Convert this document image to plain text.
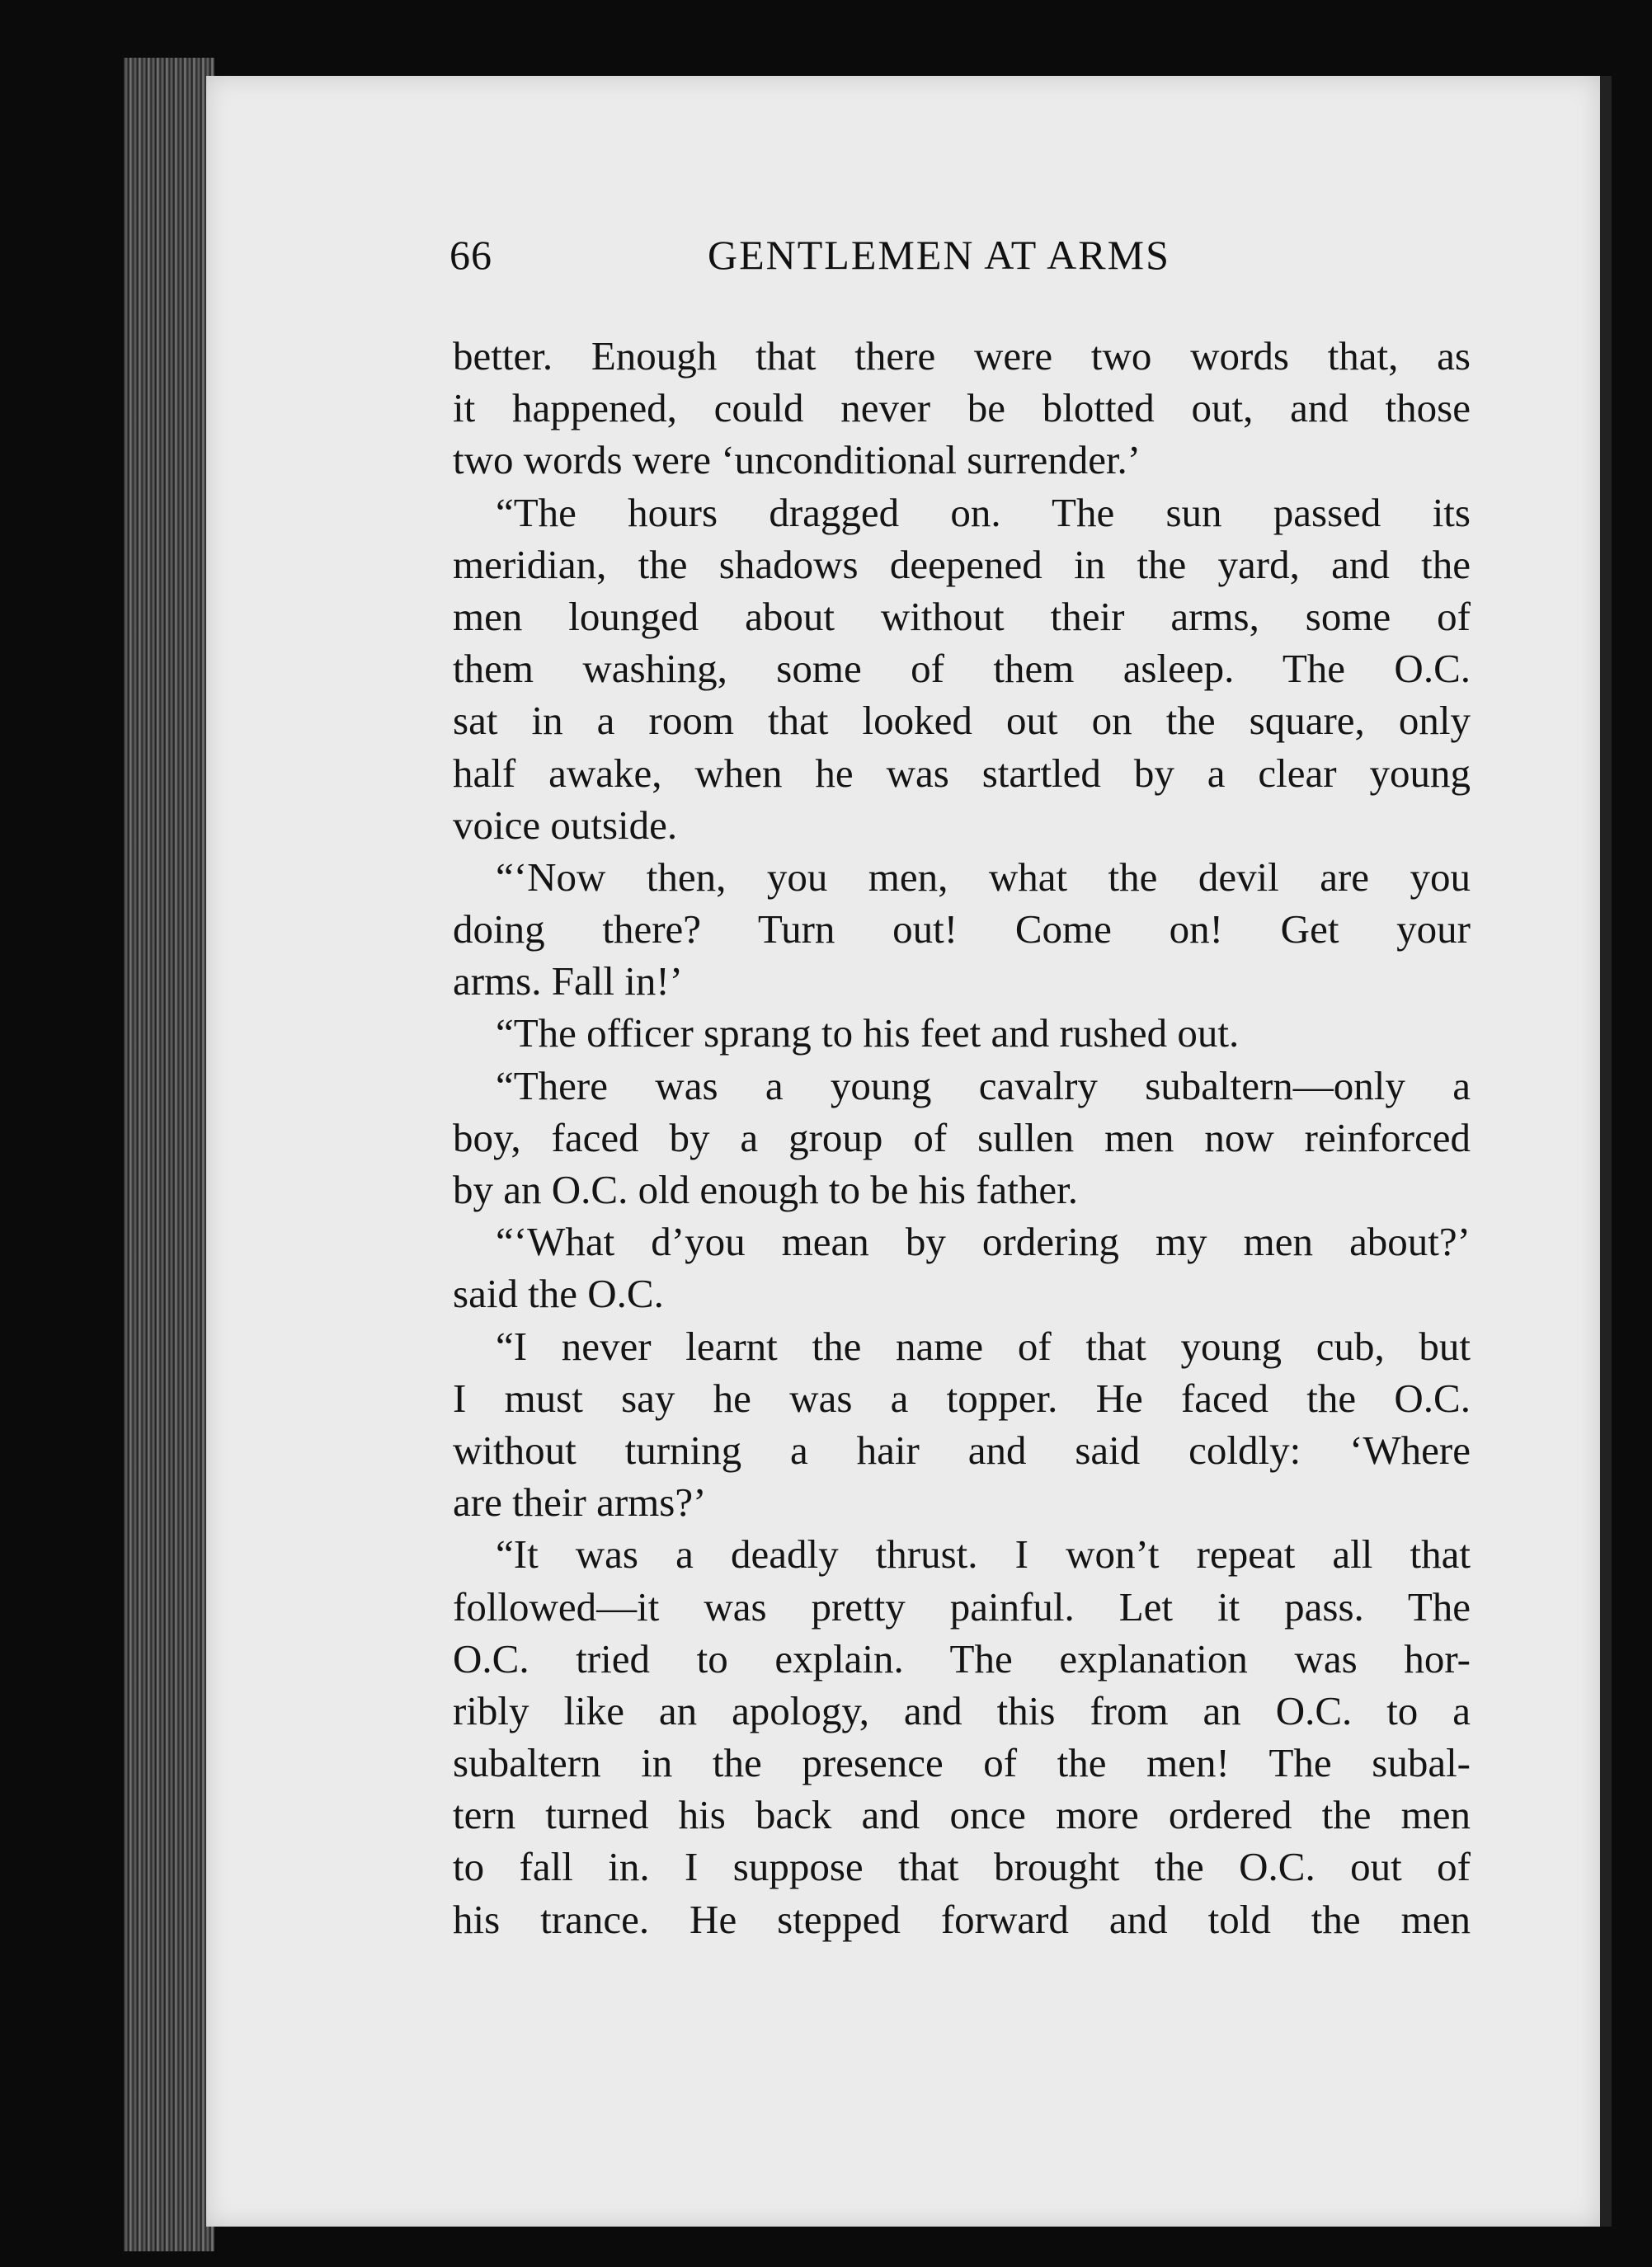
66	GENTLEMEN AT ARMS
better. Enough that there were two words that, as
it happened, could never be blotted out, and those
two words were ‘unconditional surrender.’
“The hours dragged on. The sun passed its
meridian, the shadows deepened in the yard, and the
men lounged about without their arms, some of
them washing, some of them asleep. The O.C.
sat in a room that looked out on the square, only
half awake, when he was startled by a clear young
voice outside.
“‘Now then, you men, what the devil are you
doing there? Turn out! Come on! Get your
arms. Fall in!’
“The officer sprang to his feet and rushed out.
“There was a young cavalry subaltern—only a
boy, faced by a group of sullen men now reinforced
by an O.C. old enough to be his father.
“‘What d’you mean by ordering my men about?’
said the O.C.
“I never learnt the name of that young cub, but
I must say he was a topper. He faced the O.C.
without turning a hair and said coldly: ‘Where
are their arms?’
“It was a deadly thrust. I won’t repeat all that
followed—it was pretty painful. Let it pass. The
O.C. tried to explain. The explanation was hor-
ribly like an apology, and this from an O.C. to a
subaltern in the presence of the men! The subal-
tern turned his back and once more ordered the men
to fall in. I suppose that brought the O.C. out of
his trance. He stepped forward and told the men
